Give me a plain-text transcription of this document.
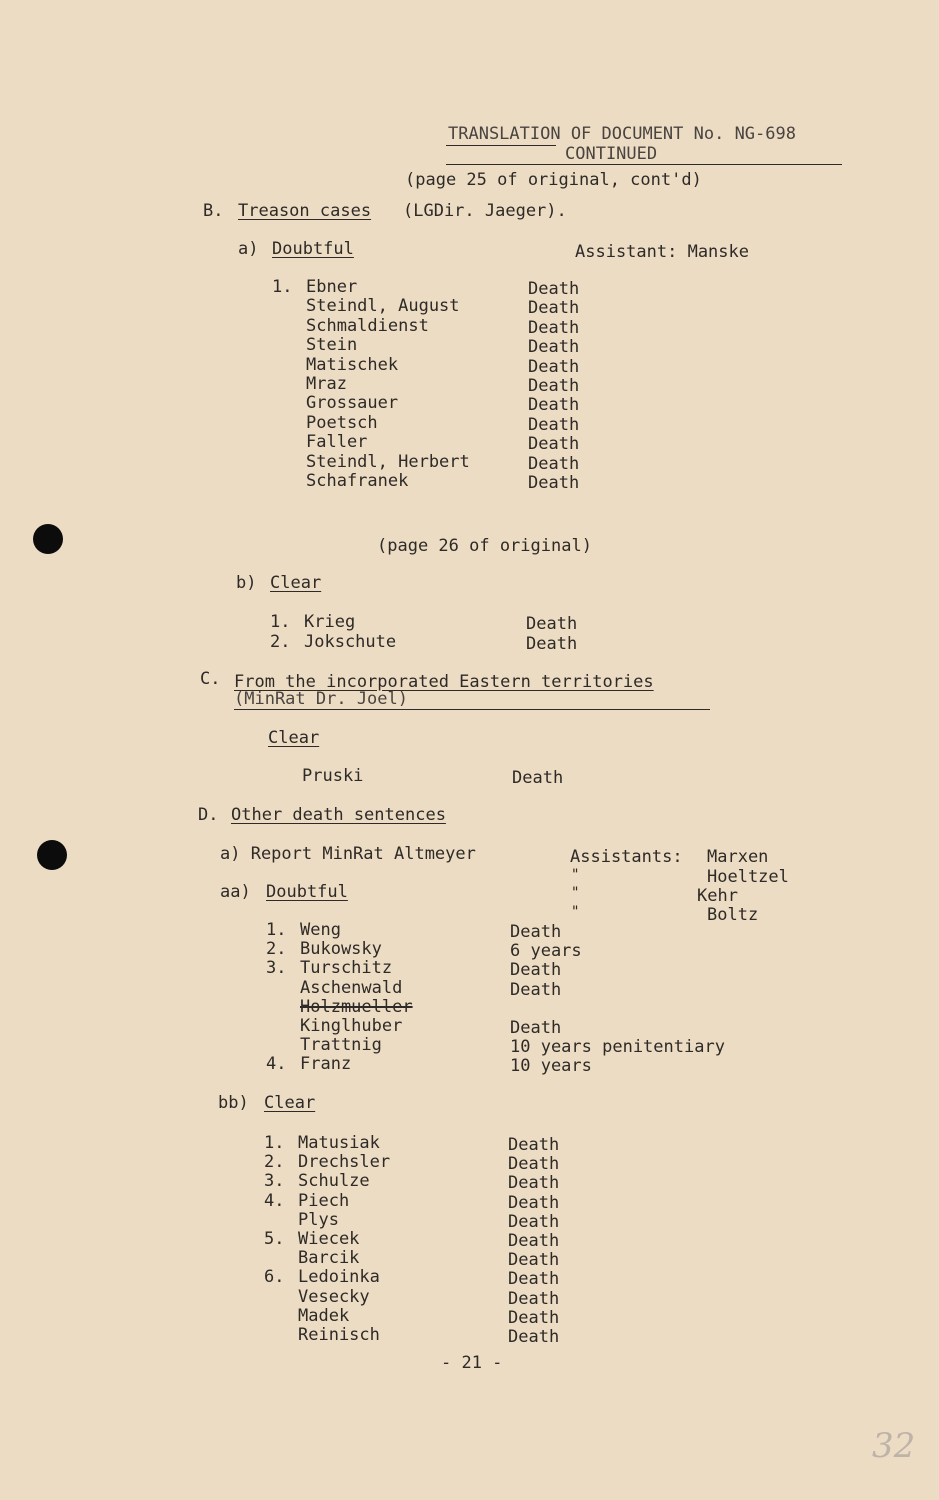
TRANSLATION OF DOCUMENT No. NG-698
CONTINUED
(page 25 of original, cont'd)
B. Treason cases (LGDir. Jaeger).
a) Doubtful	Assistant: Manske
1. Ebner	Death
Steindl, August	Death
Schmaldienst	Death
Stein	Death
Matischek	Death
Mraz	Death
Grossauer	Death
Poetsch	Death
Faller	Death
Steindl, Herbert	Death
Schafranek	Death
(page 26 of original)
b) Clear
1. Krieg	Death
2. Jokschute	Death
C. From the incorporated Eastern territories
(MinRat Dr. Joel)
Clear
Pruski	Death
D. Other death sentences
a) Report MinRat Altmeyer	Assistants: Marxen
"	Hoeltzel
"	Kehr
"	Boltz
aa) Doubtful
1. Weng	Death
2. Bukowsky	6 years
3. Turschitz	Death
Aschenwald	Death
Holzmueller
Kinglhuber	Death
Trattnig	10 years penitentiary
4. Franz	10 years
bb) Clear
1. Matusiak	Death
2. Drechsler	Death
3. Schulze	Death
4. Piech	Death
Plys	Death
5. Wiecek	Death
Barcik	Death
6. Ledoinka	Death
Vesecky	Death
Madek	Death
Reinisch	Death
- 21 -
32
